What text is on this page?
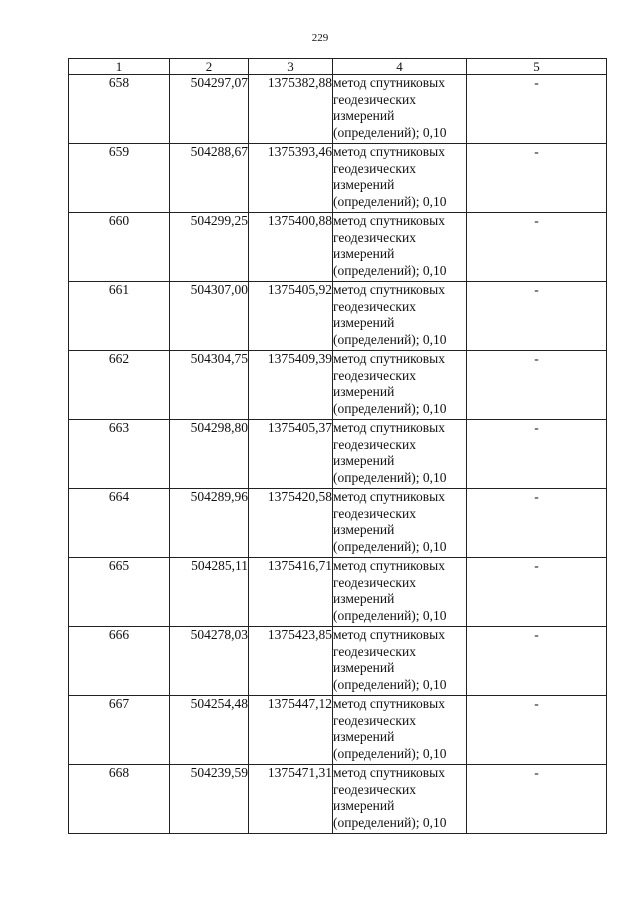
229
1	2	3	4	5
658	504297,07	1375382,88	метод спутниковых
геодезических
измерений
(определений); 0,10	-
659	504288,67	1375393,46	метод спутниковых
геодезических
измерений
(определений); 0,10	-
660	504299,25	1375400,88	метод спутниковых
геодезических
измерений
(определений); 0,10	-
661	504307,00	1375405,92	метод спутниковых
геодезических
измерений
(определений); 0,10	-
662	504304,75	1375409,39	метод спутниковых
геодезических
измерений
(определений); 0,10	-
663	504298,80	1375405,37	метод спутниковых
геодезических
измерений
(определений); 0,10	-
664	504289,96	1375420,58	метод спутниковых
геодезических
измерений
(определений); 0,10	-
665	504285,11	1375416,71	метод спутниковых
геодезических
измерений
(определений); 0,10	-
666	504278,03	1375423,85	метод спутниковых
геодезических
измерений
(определений); 0,10	-
667	504254,48	1375447,12	метод спутниковых
геодезических
измерений
(определений); 0,10	-
668	504239,59	1375471,31	метод спутниковых
геодезических
измерений
(определений); 0,10	-
